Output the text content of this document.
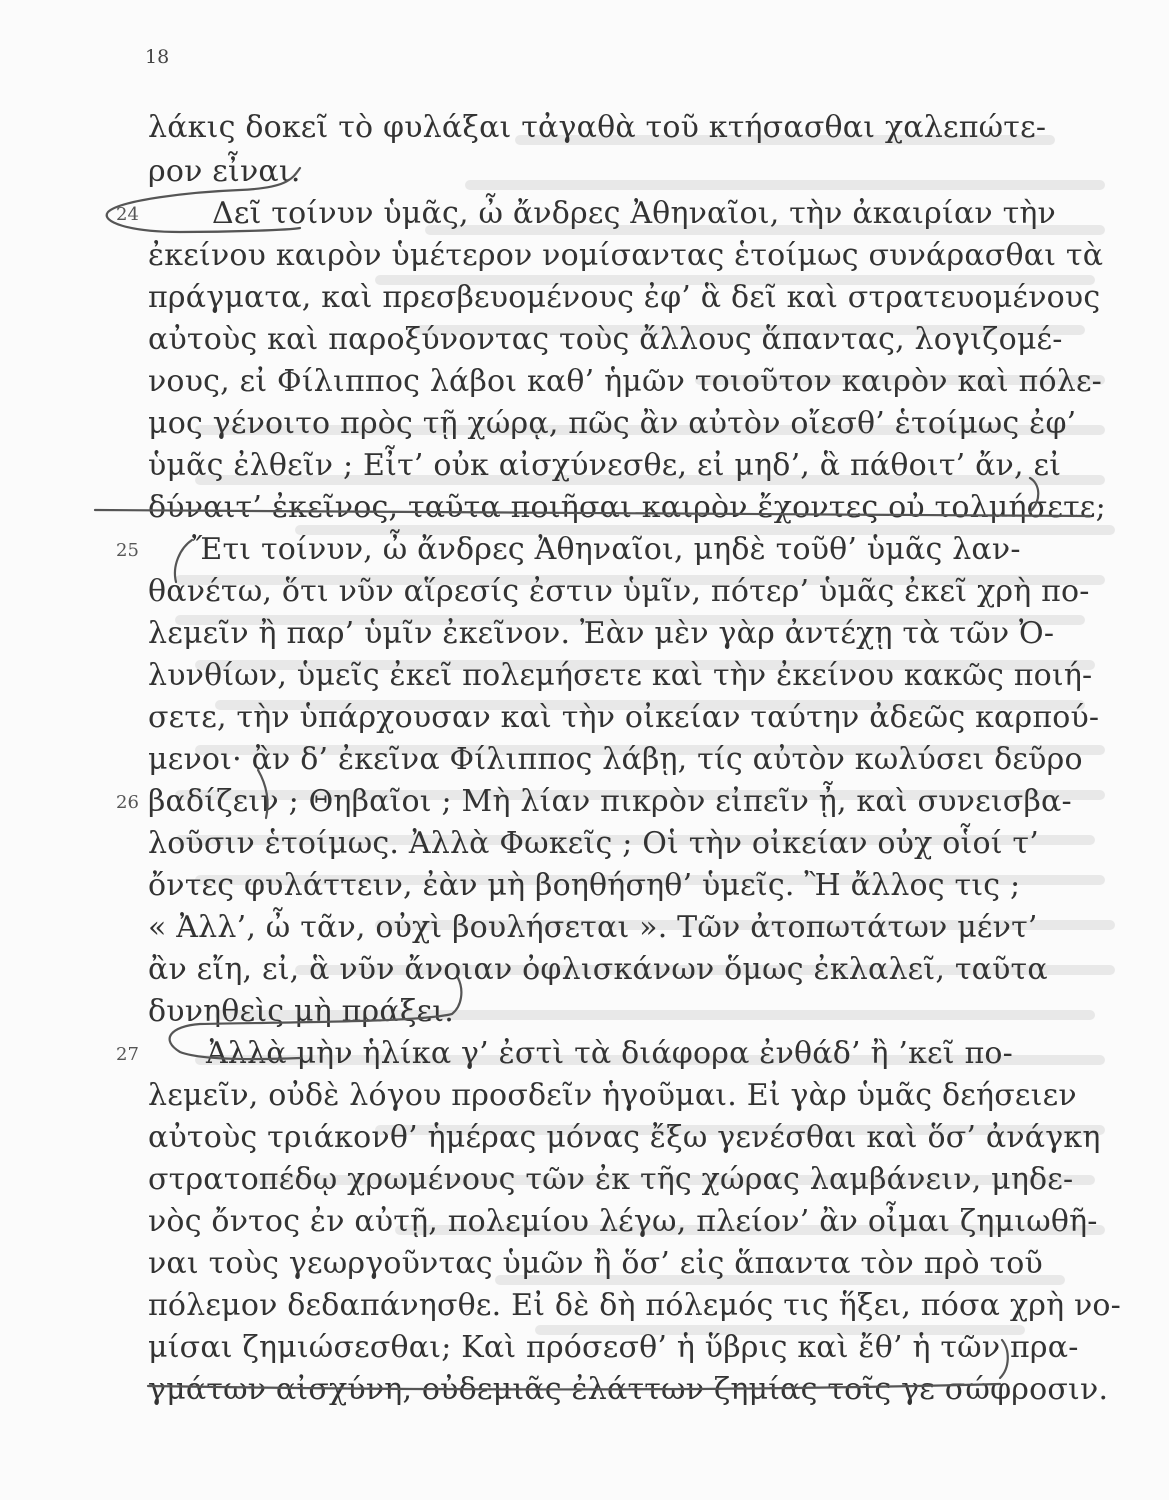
18
λάκις δοκεῖ τὸ φυλάξαι τἀγαθὰ τοῦ κτήσασθαι χαλεπώτε-
ρον εἶναι.
Δεῖ τοίνυν ὑμᾶς, ὦ ἄνδρες Ἀθηναῖοι, τὴν ἀκαιρίαν τὴν
ἐκείνου καιρὸν ὑμέτερον νομίσαντας ἑτοίμως συνάρασθαι τὰ
πράγματα, καὶ πρεσβευομένους ἐφ’ ἃ δεῖ καὶ στρατευομένους
αὐτοὺς καὶ παροξύνοντας τοὺς ἄλλους ἅπαντας, λογιζομέ-
νους, εἰ Φίλιππος λάβοι καθ’ ἡμῶν τοιοῦτον καιρὸν καὶ πόλε-
μος γένοιτο πρὸς τῇ χώρᾳ, πῶς ἂν αὐτὸν οἴεσθ’ ἑτοίμως ἐφ’
ὑμᾶς ἐλθεῖν ; Εἶτ’ οὐκ αἰσχύνεσθε, εἰ μηδ’, ἃ πάθοιτ’ ἄν, εἰ
δύναιτ’ ἐκεῖνος, ταῦτα ποιῆσαι καιρὸν ἔχοντες οὐ τολμήσετε;
Ἔτι τοίνυν, ὦ ἄνδρες Ἀθηναῖοι, μηδὲ τοῦθ’ ὑμᾶς λαν-
θανέτω, ὅτι νῦν αἵρεσίς ἐστιν ὑμῖν, πότερ’ ὑμᾶς ἐκεῖ χρὴ πο-
λεμεῖν ἢ παρ’ ὑμῖν ἐκεῖνον. Ἐὰν μὲν γὰρ ἀντέχῃ τὰ τῶν Ὀ-
λυνθίων, ὑμεῖς ἐκεῖ πολεμήσετε καὶ τὴν ἐκείνου κακῶς ποιή-
σετε, τὴν ὑπάρχουσαν καὶ τὴν οἰκείαν ταύτην ἀδεῶς καρπού-
μενοι· ἂν δ’ ἐκεῖνα Φίλιππος λάβῃ, τίς αὐτὸν κωλύσει δεῦρο
βαδίζειν ; Θηβαῖοι ; Μὴ λίαν πικρὸν εἰπεῖν ᾖ, καὶ συνεισβα-
λοῦσιν ἑτοίμως. Ἀλλὰ Φωκεῖς ; Οἱ τὴν οἰκείαν οὐχ οἷοί τ’
ὄντες φυλάττειν, ἐὰν μὴ βοηθήσηθ’ ὑμεῖς. Ἢ ἄλλος τις ;
« Ἀλλ’, ὦ τᾶν, οὐχὶ βουλήσεται ». Τῶν ἀτοπωτάτων μέντ’
ἂν εἴη, εἰ, ἃ νῦν ἄνοιαν ὀφλισκάνων ὅμως ἐκλαλεῖ, ταῦτα
δυνηθεὶς μὴ πράξει.
Ἀλλὰ μὴν ἡλίκα γ’ ἐστὶ τὰ διάφορα ἐνθάδ’ ἢ ’κεῖ πο-
λεμεῖν, οὐδὲ λόγου προσδεῖν ἡγοῦμαι. Εἰ γὰρ ὑμᾶς δεήσειεν
αὐτοὺς τριάκονθ’ ἡμέρας μόνας ἔξω γενέσθαι καὶ ὅσ’ ἀνάγκη
στρατοπέδῳ χρωμένους τῶν ἐκ τῆς χώρας λαμβάνειν, μηδε-
νὸς ὄντος ἐν αὐτῇ, πολεμίου λέγω, πλείον’ ἂν οἶμαι ζημιωθῆ-
ναι τοὺς γεωργοῦντας ὑμῶν ἢ ὅσ’ εἰς ἅπαντα τὸν πρὸ τοῦ
πόλεμον δεδαπάνησθε. Εἰ δὲ δὴ πόλεμός τις ἥξει, πόσα χρὴ νο-
μίσαι ζημιώσεσθαι; Καὶ πρόσεσθ’ ἡ ὕβρις καὶ ἔθ’ ἡ τῶν πρα-
γμάτων αἰσχύνη, οὐδεμιᾶς ἐλάττων ζημίας τοῖς γε σώφροσιν.
24
25
26
27
